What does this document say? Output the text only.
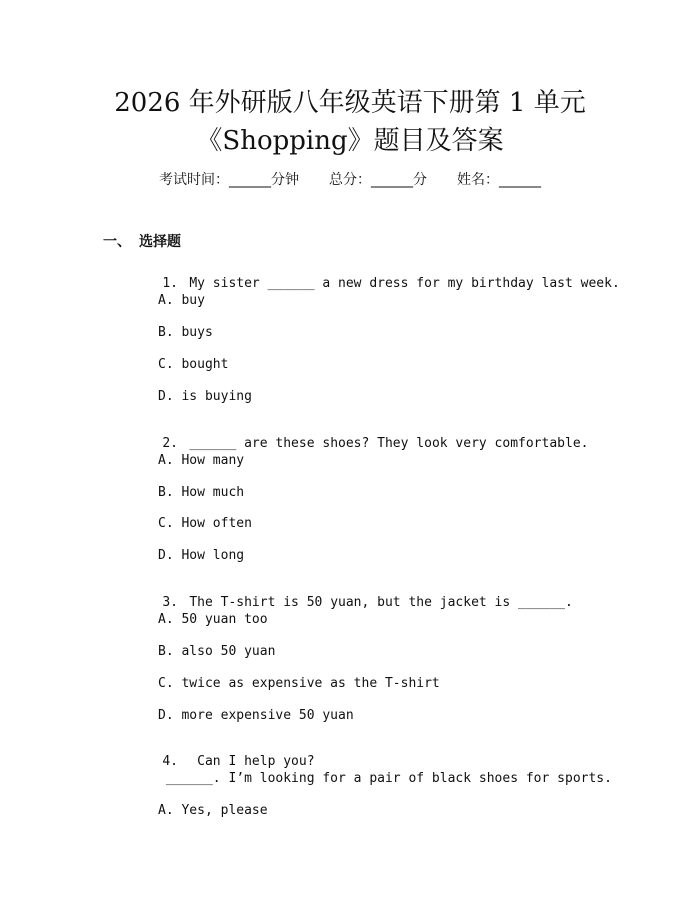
2026 年外研版八年级英语下册第 1 单元
《Shopping》题目及答案
考试时间：______分钟 总分：______分 姓名：______
一、 选择题

1. My sister ______ a new dress for my birthday last week.

A. buy
B. buys
C. bought
D. is buying

2. ______ are these shoes? They look very comfortable.

A. How many
B. How much
C. How often
D. How long

3. The T-shirt is 50 yuan, but the jacket is ______.

A. 50 yuan too
B. also 50 yuan
C. twice as expensive as the T-shirt
D. more expensive 50 yuan

4. Can I help you?

______. I’m looking for a pair of black shoes for sports.
A. Yes, please
